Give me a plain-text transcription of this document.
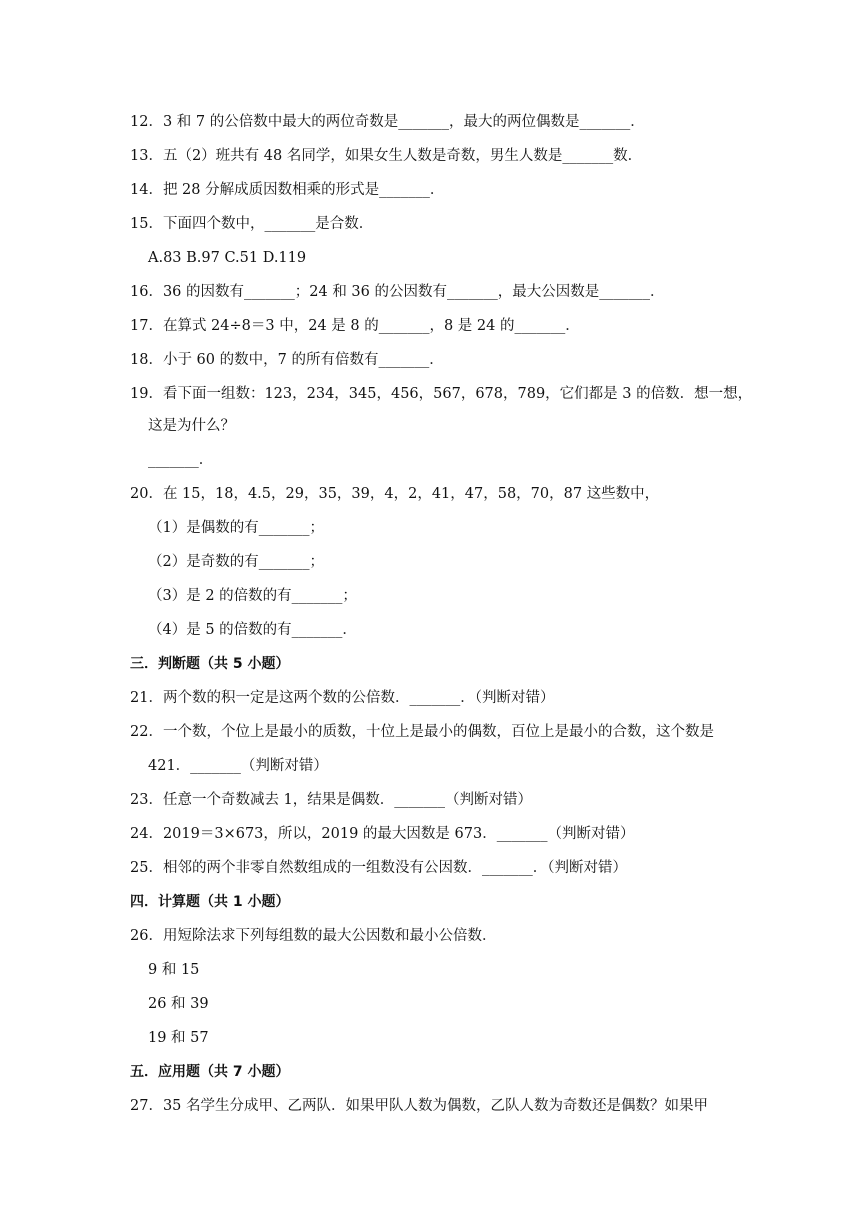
12．3 和 7 的公倍数中最大的两位奇数是_______，最大的两位偶数是_______．
13．五（2）班共有 48 名同学，如果女生人数是奇数，男生人数是_______数．
14．把 28 分解成质因数相乘的形式是_______．
15．下面四个数中，_______是合数．
A.83 B.97 C.51 D.119
16．36 的因数有_______；24 和 36 的公因数有_______，最大公因数是_______．
17．在算式 24÷8＝3 中，24 是 8 的_______，8 是 24 的_______．
18．小于 60 的数中，7 的所有倍数有_______．
19．看下面一组数：123，234，345，456，567，678，789，它们都是 3 的倍数．想一想，
这是为什么？
_______．
20．在 15，18，4.5，29，35，39，4，2，41，47，58，70，87 这些数中，
（1）是偶数的有_______；
（2）是奇数的有_______；
（3）是 2 的倍数的有_______；
（4）是 5 的倍数的有_______．
三．判断题（共 5 小题）
21．两个数的积一定是这两个数的公倍数．_______．（判断对错）
22．一个数，个位上是最小的质数，十位上是最小的偶数，百位上是最小的合数，这个数是
421．_______（判断对错）
23．任意一个奇数减去 1，结果是偶数．_______（判断对错）
24．2019＝3×673，所以，2019 的最大因数是 673．_______（判断对错）
25．相邻的两个非零自然数组成的一组数没有公因数．_______．（判断对错）
四．计算题（共 1 小题）
26．用短除法求下列每组数的最大公因数和最小公倍数．
9 和 15
26 和 39
19 和 57
五．应用题（共 7 小题）
27．35 名学生分成甲、乙两队．如果甲队人数为偶数，乙队人数为奇数还是偶数？如果甲
